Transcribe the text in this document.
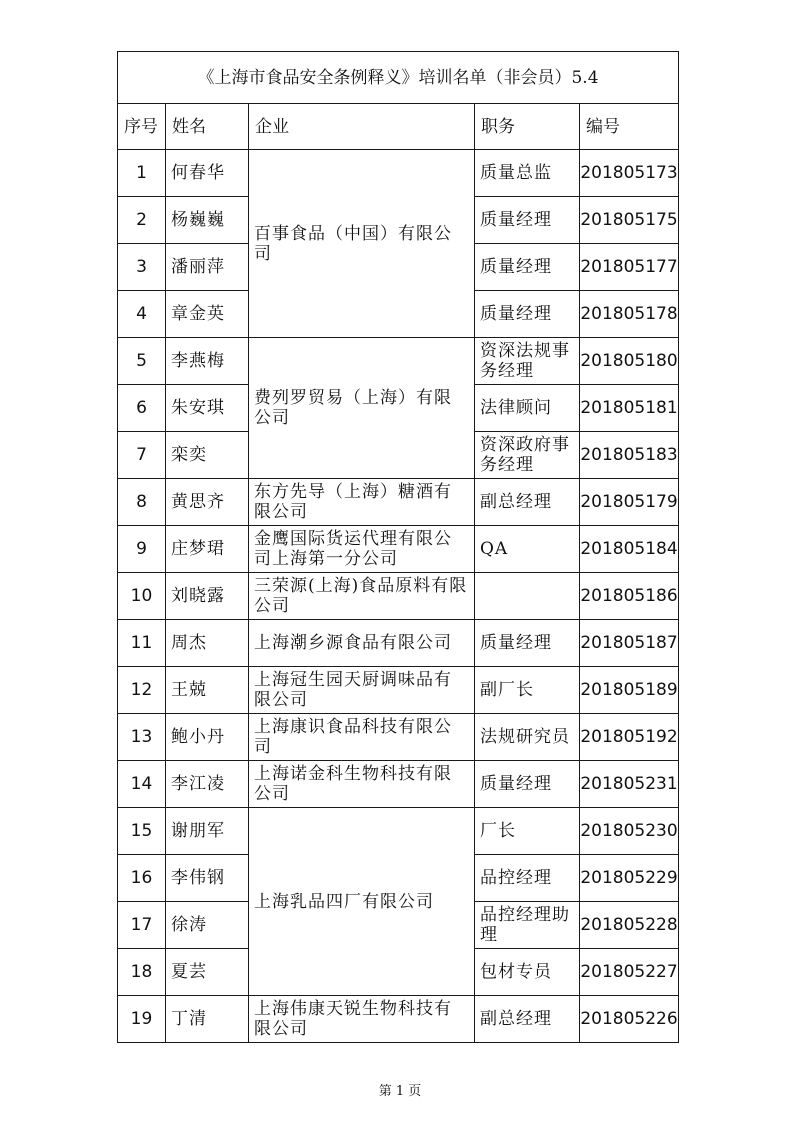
《上海市食品安全条例释义》培训名单（非会员）5.4				
序号	姓名	企业	职务	编号
1	何春华	百事食品（中国）有限公司	质量总监	201805173
2	杨巍巍		质量经理	201805175
3	潘丽萍		质量经理	201805177
4	章金英		质量经理	201805178
5	李燕梅	费列罗贸易（上海）有限公司	资深法规事务经理	201805180
6	朱安琪		法律顾问	201805181
7	栾奕		资深政府事务经理	201805183
8	黄思齐	东方先导（上海）糖酒有限公司	副总经理	201805179
9	庄梦珺	金鹰国际货运代理有限公司上海第一分公司	QA	201805184
10	刘晓露	三荣源(上海)食品原料有限公司		201805186
11	周杰	上海潮乡源食品有限公司	质量经理	201805187
12	王兢	上海冠生园天厨调味品有限公司	副厂长	201805189
13	鲍小丹	上海康识食品科技有限公司	法规研究员	201805192
14	李江凌	上海诺金科生物科技有限公司	质量经理	201805231
15	谢朋军	上海乳品四厂有限公司	厂长	201805230
16	李伟钢		品控经理	201805229
17	徐涛		品控经理助理	201805228
18	夏芸		包材专员	201805227
19	丁清	上海伟康天锐生物科技有限公司	副总经理	201805226
第 1 页
